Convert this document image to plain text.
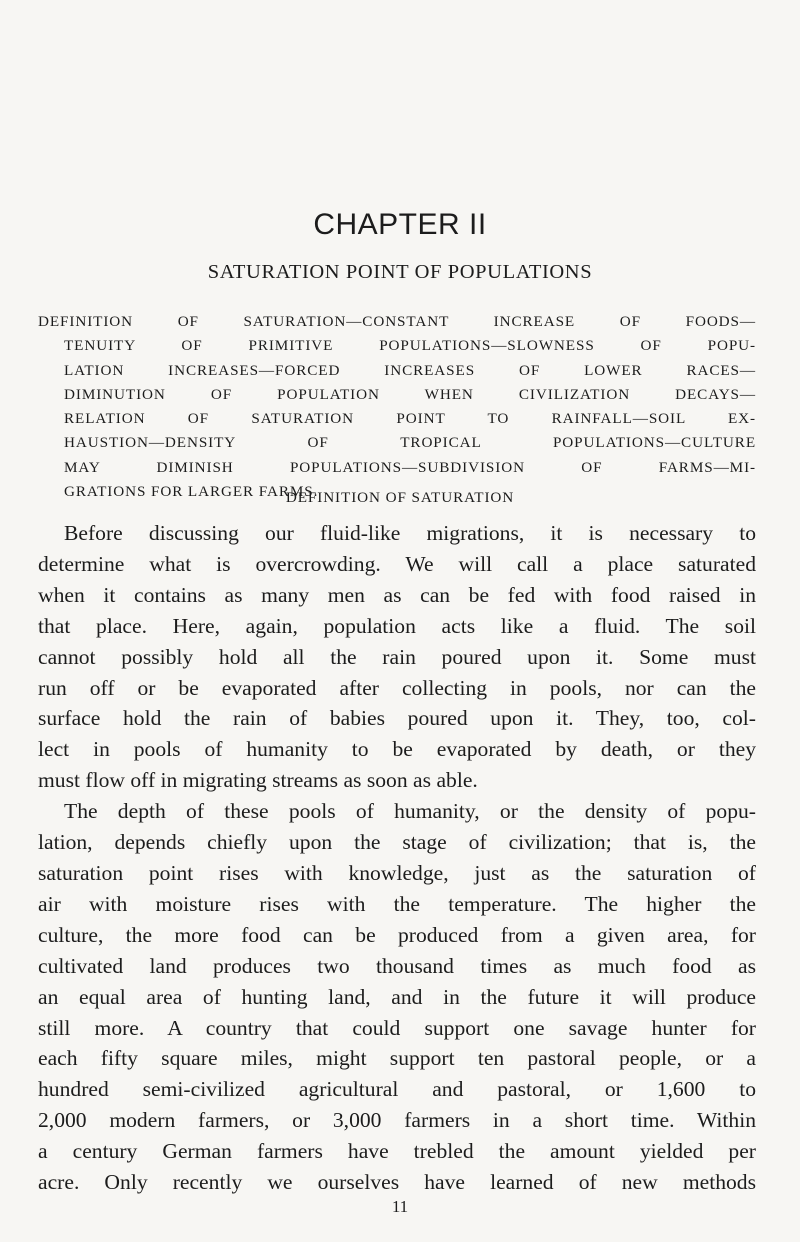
CHAPTER II
SATURATION POINT OF POPULATIONS
DEFINITION OF SATURATION—CONSTANT INCREASE OF FOODS—
TENUITY OF PRIMITIVE POPULATIONS—SLOWNESS OF POPU-
LATION INCREASES—FORCED INCREASES OF LOWER RACES—
DIMINUTION OF POPULATION WHEN CIVILIZATION DECAYS—
RELATION OF SATURATION POINT TO RAINFALL—SOIL EX-
HAUSTION—DENSITY OF TROPICAL POPULATIONS—CULTURE
MAY DIMINISH POPULATIONS—SUBDIVISION OF FARMS—MI-
GRATIONS FOR LARGER FARMS.
DEFINITION OF SATURATION
Before discussing our fluid-like migrations, it is necessary to
determine what is overcrowding. We will call a place saturated
when it contains as many men as can be fed with food raised in
that place. Here, again, population acts like a fluid. The soil
cannot possibly hold all the rain poured upon it. Some must
run off or be evaporated after collecting in pools, nor can the
surface hold the rain of babies poured upon it. They, too, col-
lect in pools of humanity to be evaporated by death, or they
must flow off in migrating streams as soon as able.
The depth of these pools of humanity, or the density of popu-
lation, depends chiefly upon the stage of civilization; that is, the
saturation point rises with knowledge, just as the saturation of
air with moisture rises with the temperature. The higher the
culture, the more food can be produced from a given area, for
cultivated land produces two thousand times as much food as
an equal area of hunting land, and in the future it will produce
still more. A country that could support one savage hunter for
each fifty square miles, might support ten pastoral people, or a
hundred semi-civilized agricultural and pastoral, or 1,600 to
2,000 modern farmers, or 3,000 farmers in a short time. Within
a century German farmers have trebled the amount yielded per
acre. Only recently we ourselves have learned of new methods
11
